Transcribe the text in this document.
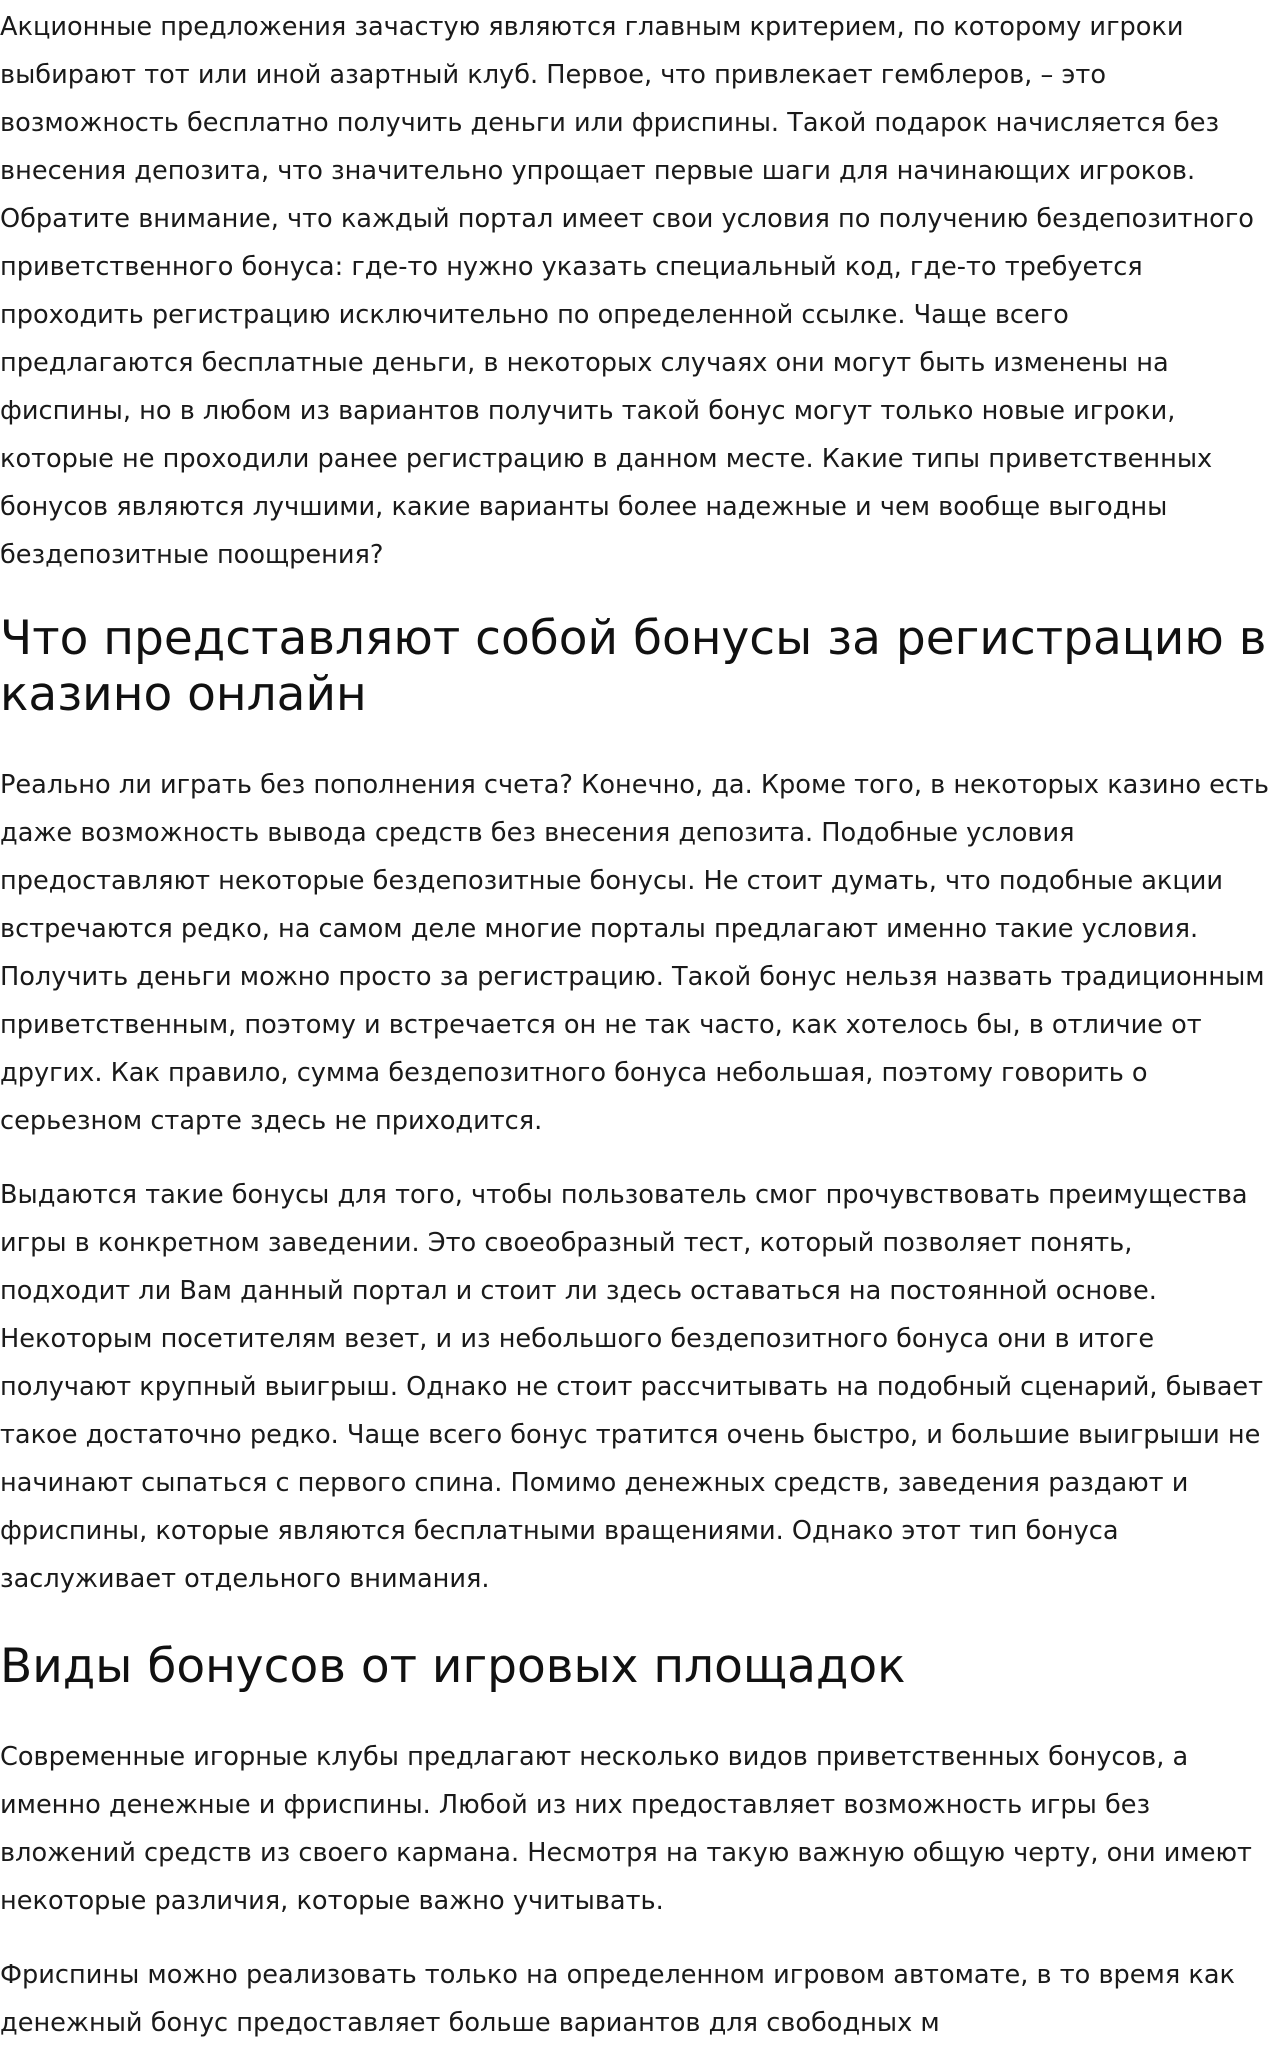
Акционные предложения зачастую являются главным критерием, по которому игроки выбирают тот или иной азартный клуб. Первое, что привлекает гемблеров, – это возможность бесплатно получить деньги или фриспины. Такой подарок начисляется без внесения депозита, что значительно упрощает первые шаги для начинающих игроков. Обратите внимание, что каждый портал имеет свои условия по получению бездепозитного приветственного бонуса: где-то нужно указать специальный код, где-то требуется проходить регистрацию исключительно по определенной ссылке. Чаще всего предлагаются бесплатные деньги, в некоторых случаях они могут быть изменены на фиспины, но в любом из вариантов получить такой бонус могут только новые игроки, которые не проходили ранее регистрацию в данном месте. Какие типы приветственных бонусов являются лучшими, какие варианты более надежные и чем вообще выгодны бездепозитные поощрения?

Что представляют собой бонусы за регистрацию в казино онлайн

Реально ли играть без пополнения счета? Конечно, да. Кроме того, в некоторых казино есть даже возможность вывода средств без внесения депозита. Подобные условия предоставляют некоторые бездепозитные бонусы. Не стоит думать, что подобные акции встречаются редко, на самом деле многие порталы предлагают именно такие условия. Получить деньги можно просто за регистрацию. Такой бонус нельзя назвать традиционным приветственным, поэтому и встречается он не так часто, как хотелось бы, в отличие от других. Как правило, сумма бездепозитного бонуса небольшая, поэтому говорить о серьезном старте здесь не приходится.

Выдаются такие бонусы для того, чтобы пользователь смог прочувствовать преимущества игры в конкретном заведении. Это своеобразный тест, который позволяет понять, подходит ли Вам данный портал и стоит ли здесь оставаться на постоянной основе. Некоторым посетителям везет, и из небольшого бездепозитного бонуса они в итоге получают крупный выигрыш. Однако не стоит рассчитывать на подобный сценарий, бывает такое достаточно редко. Чаще всего бонус тратится очень быстро, и большие выигрыши не начинают сыпаться с первого спина. Помимо денежных средств, заведения раздают и фриспины, которые являются бесплатными вращениями. Однако этот тип бонуса заслуживает отдельного внимания.

Виды бонусов от игровых площадок

Современные игорные клубы предлагают несколько видов приветственных бонусов, а именно денежные и фриспины. Любой из них предоставляет возможность игры без вложений средств из своего кармана. Несмотря на такую важную общую черту, они имеют некоторые различия, которые важно учитывать.

Фриспины можно реализовать только на определенном игровом автомате, в то время как денежный бонус предоставляет больше вариантов для свободных м
